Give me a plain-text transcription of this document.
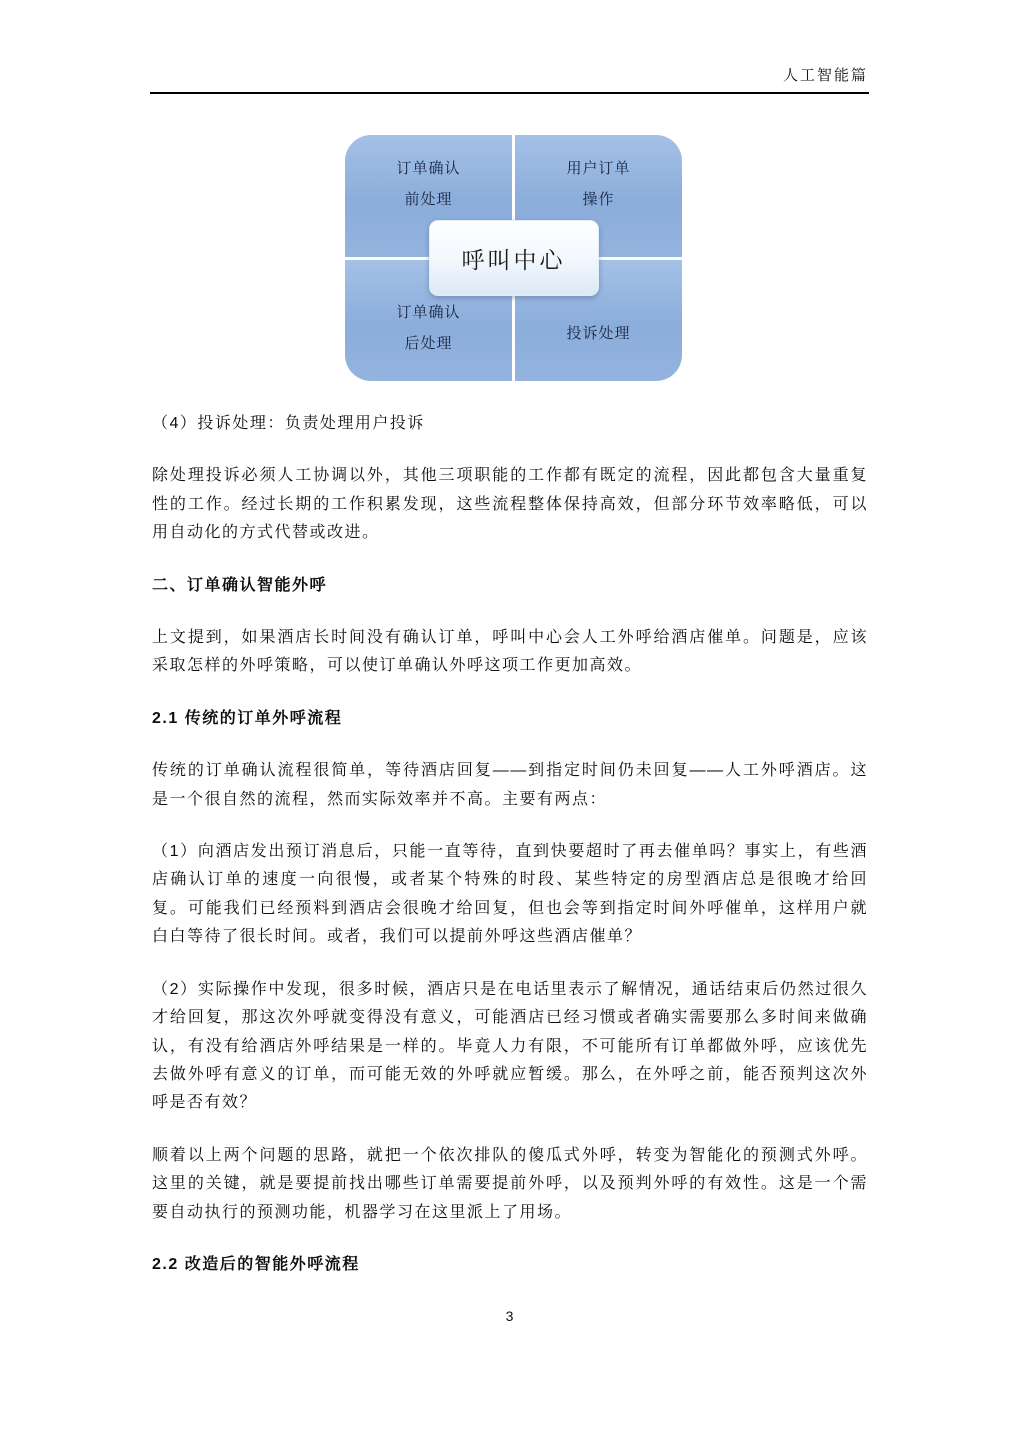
人工智能篇
订单确认
前处理
用户订单
操作
订单确认
后处理
投诉处理
呼叫中心

（4）投诉处理：负责处理用户投诉

除处理投诉必须人工协调以外，其他三项职能的工作都有既定的流程，因此都包含大量重复性的工作。经过长期的工作积累发现，这些流程整体保持高效，但部分环节效率略低，可以用自动化的方式代替或改进。

二、订单确认智能外呼

上文提到，如果酒店长时间没有确认订单，呼叫中心会人工外呼给酒店催单。问题是，应该采取怎样的外呼策略，可以使订单确认外呼这项工作更加高效。

2.1 传统的订单外呼流程

传统的订单确认流程很简单，等待酒店回复——到指定时间仍未回复——人工外呼酒店。这是一个很自然的流程，然而实际效率并不高。主要有两点：

（1）向酒店发出预订消息后，只能一直等待，直到快要超时了再去催单吗？事实上，有些酒店确认订单的速度一向很慢，或者某个特殊的时段、某些特定的房型酒店总是很晚才给回复。可能我们已经预料到酒店会很晚才给回复，但也会等到指定时间外呼催单，这样用户就白白等待了很长时间。或者，我们可以提前外呼这些酒店催单？

（2）实际操作中发现，很多时候，酒店只是在电话里表示了解情况，通话结束后仍然过很久才给回复，那这次外呼就变得没有意义，可能酒店已经习惯或者确实需要那么多时间来做确认，有没有给酒店外呼结果是一样的。毕竟人力有限，不可能所有订单都做外呼，应该优先去做外呼有意义的订单，而可能无效的外呼就应暂缓。那么，在外呼之前，能否预判这次外呼是否有效？

顺着以上两个问题的思路，就把一个依次排队的傻瓜式外呼，转变为智能化的预测式外呼。这里的关键，就是要提前找出哪些订单需要提前外呼，以及预判外呼的有效性。这是一个需要自动执行的预测功能，机器学习在这里派上了用场。

2.2 改造后的智能外呼流程
3
